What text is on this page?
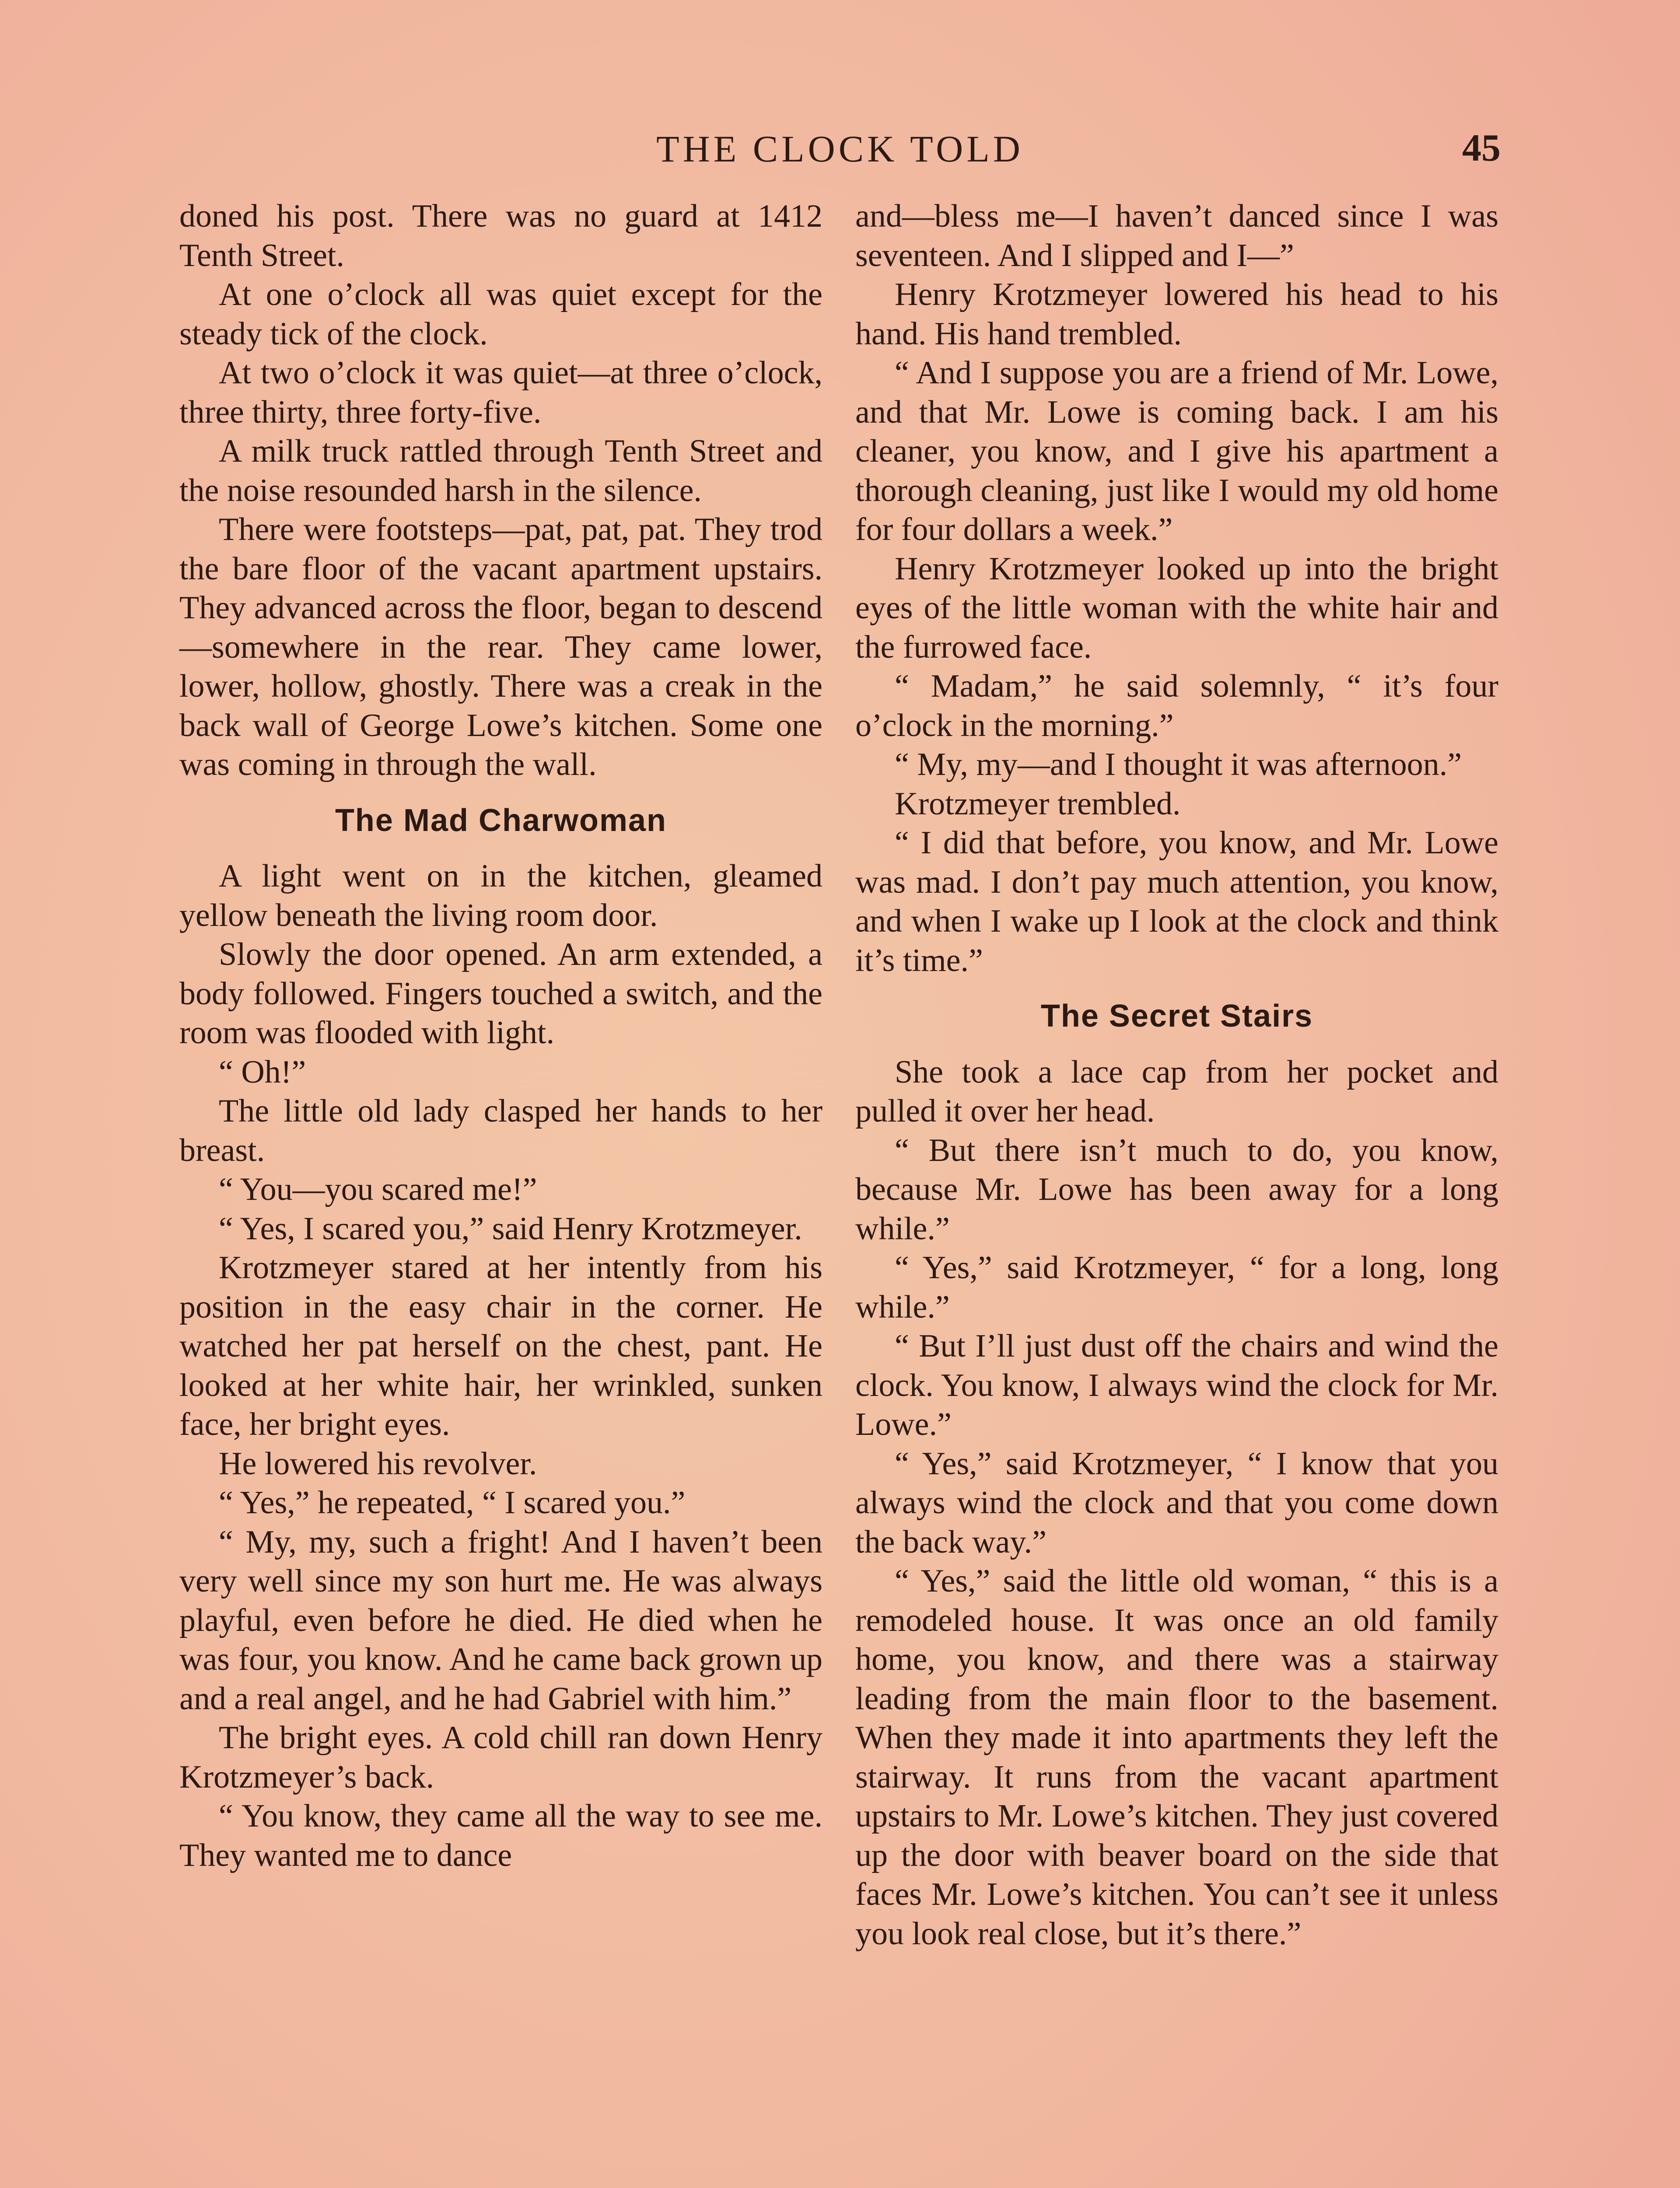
THE CLOCK TOLD	45

doned his post. There was no guard at 1412 Tenth Street.

At one o’clock all was quiet except for the steady tick of the clock.

At two o’clock it was quiet—at three o’clock, three thirty, three forty-five.

A milk truck rattled through Tenth Street and the noise resounded harsh in the silence.

There were footsteps—pat, pat, pat. They trod the bare floor of the vacant apartment upstairs. They advanced across the floor, began to descend—somewhere in the rear. They came lower, lower, hollow, ghostly. There was a creak in the back wall of George Lowe’s kitchen. Some one was coming in through the wall.

The Mad Charwoman

A light went on in the kitchen, gleamed yellow beneath the living room door.

Slowly the door opened. An arm extended, a body followed. Fingers touched a switch, and the room was flooded with light.

“ Oh!”

The little old lady clasped her hands to her breast.

“ You—you scared me!”

“ Yes, I scared you,” said Henry Krotzmeyer.

Krotzmeyer stared at her intently from his position in the easy chair in the corner. He watched her pat herself on the chest, pant. He looked at her white hair, her wrinkled, sunken face, her bright eyes.

He lowered his revolver.

“ Yes,” he repeated, “ I scared you.”

“ My, my, such a fright! And I haven’t been very well since my son hurt me. He was always playful, even before he died. He died when he was four, you know. And he came back grown up and a real angel, and he had Gabriel with him.”

The bright eyes. A cold chill ran down Henry Krotzmeyer’s back.

“ You know, they came all the way to see me. They wanted me to dance

and—bless me—I haven’t danced since I was seventeen. And I slipped and I—”

Henry Krotzmeyer lowered his head to his hand. His hand trembled.

“ And I suppose you are a friend of Mr. Lowe, and that Mr. Lowe is coming back. I am his cleaner, you know, and I give his apartment a thorough cleaning, just like I would my old home for four dollars a week.”

Henry Krotzmeyer looked up into the bright eyes of the little woman with the white hair and the furrowed face.

“ Madam,” he said solemnly, “ it’s four o’clock in the morning.”

“ My, my—and I thought it was afternoon.”

Krotzmeyer trembled.

“ I did that before, you know, and Mr. Lowe was mad. I don’t pay much attention, you know, and when I wake up I look at the clock and think it’s time.”

The Secret Stairs

She took a lace cap from her pocket and pulled it over her head.

“ But there isn’t much to do, you know, because Mr. Lowe has been away for a long while.”

“ Yes,” said Krotzmeyer, “ for a long, long while.”

“ But I’ll just dust off the chairs and wind the clock. You know, I always wind the clock for Mr. Lowe.”

“ Yes,” said Krotzmeyer, “ I know that you always wind the clock and that you come down the back way.”

“ Yes,” said the little old woman, “ this is a remodeled house. It was once an old family home, you know, and there was a stairway leading from the main floor to the basement. When they made it into apartments they left the stairway. It runs from the vacant apartment upstairs to Mr. Lowe’s kitchen. They just covered up the door with beaver board on the side that faces Mr. Lowe’s kitchen. You can’t see it unless you look real close, but it’s there.”
